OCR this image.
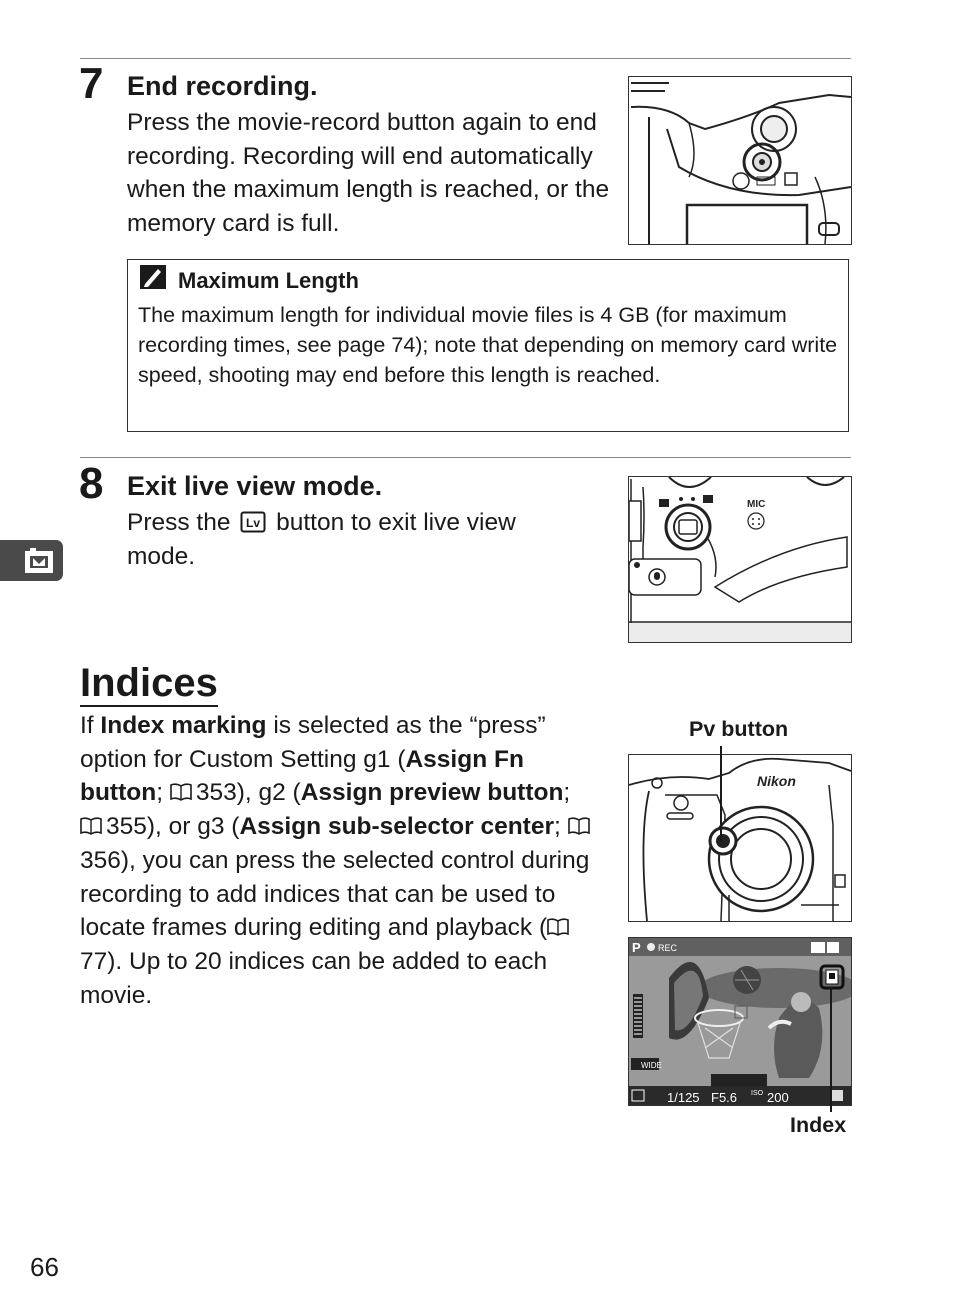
7 End recording.

Press the movie-record button again to end recording. Recording will end automatically when the maximum length is reached, or the memory card is full.

Maximum Length
The maximum length for individual movie files is 4 GB (for maximum recording times, see page 74); note that depending on memory card write speed, shooting may end before this length is reached.
8 Exit live view mode.

Press the Lv button to exit live view mode.

MIC
Indices

If Index marking is selected as the “press” option for Custom Setting g1 (Assign Fn button; 353), g2 (Assign preview button; 355), or g3 (Assign sub-selector center; 356), you can press the selected control during recording to add indices that can be used to locate frames during editing and playback (77). Up to 20 indices can be added to each movie.

Pv button
Nikon
P REC
WIDE
1/125 F5.6 ISO 200
Index
66
